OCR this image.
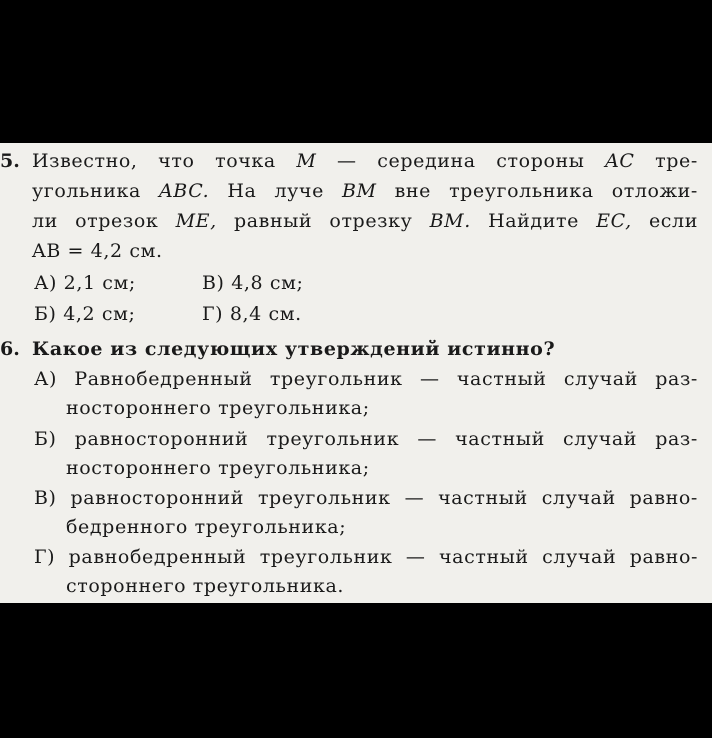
5. Известно, что точка M — середина стороны AC тре-
угольника ABC. На луче BM вне треугольника отложи-
ли отрезок ME, равный отрезку BM. Найдите EC, если
AB = 4,2 см.
А) 2,1 см;	В) 4,8 см;
Б) 4,2 см;	Г) 8,4 см.
6. Какое из следующих утверждений истинно?
А) Равнобедренный треугольник — частный случай раз-
ностороннего треугольника;
Б) равносторонний треугольник — частный случай раз-
ностороннего треугольника;
В) равносторонний треугольник — частный случай равно-
бедренного треугольника;
Г) равнобедренный треугольник — частный случай равно-
стороннего треугольника.
